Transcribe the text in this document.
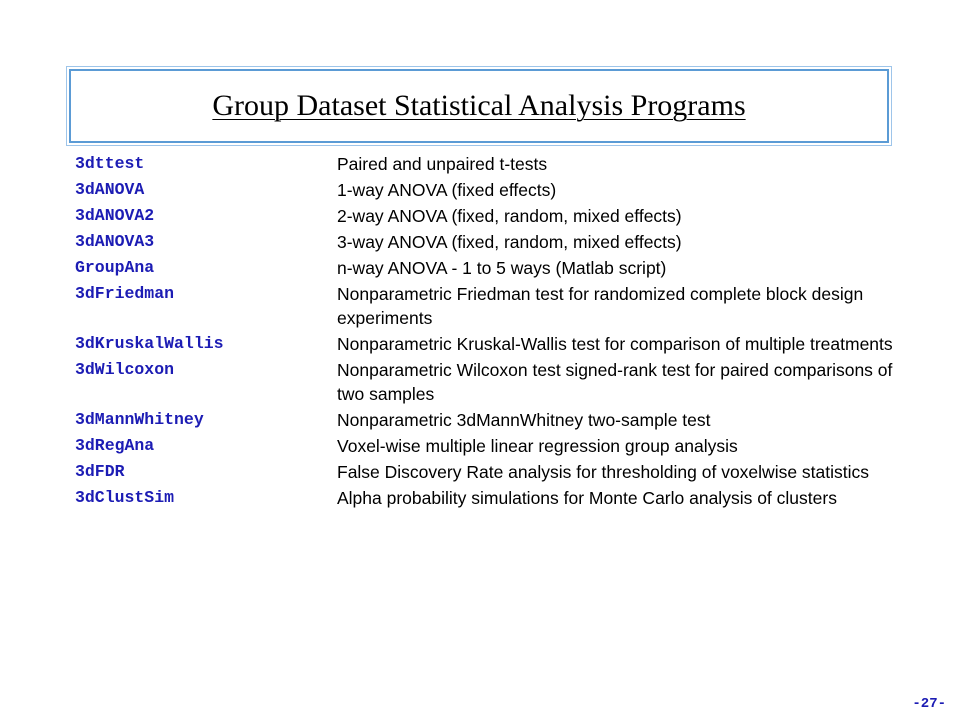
Group Dataset Statistical Analysis Programs
3dttest	Paired and unpaired t-tests
3dANOVA	1-way ANOVA (fixed effects)
3dANOVA2	2-way ANOVA (fixed, random, mixed effects)
3dANOVA3	3-way ANOVA (fixed, random, mixed effects)
GroupAna	n-way ANOVA - 1 to 5 ways (Matlab script)
3dFriedman	Nonparametric Friedman test for randomized complete block design experiments
3dKruskalWallis	Nonparametric Kruskal-Wallis test for comparison of multiple treatments
3dWilcoxon	Nonparametric Wilcoxon test signed-rank test for paired comparisons of two samples
3dMannWhitney	Nonparametric 3dMannWhitney two-sample test
3dRegAna	Voxel-wise multiple linear regression group analysis
3dFDR	False Discovery Rate analysis for thresholding of voxelwise statistics
3dClustSim	Alpha probability simulations for Monte Carlo analysis of clusters
-27-
